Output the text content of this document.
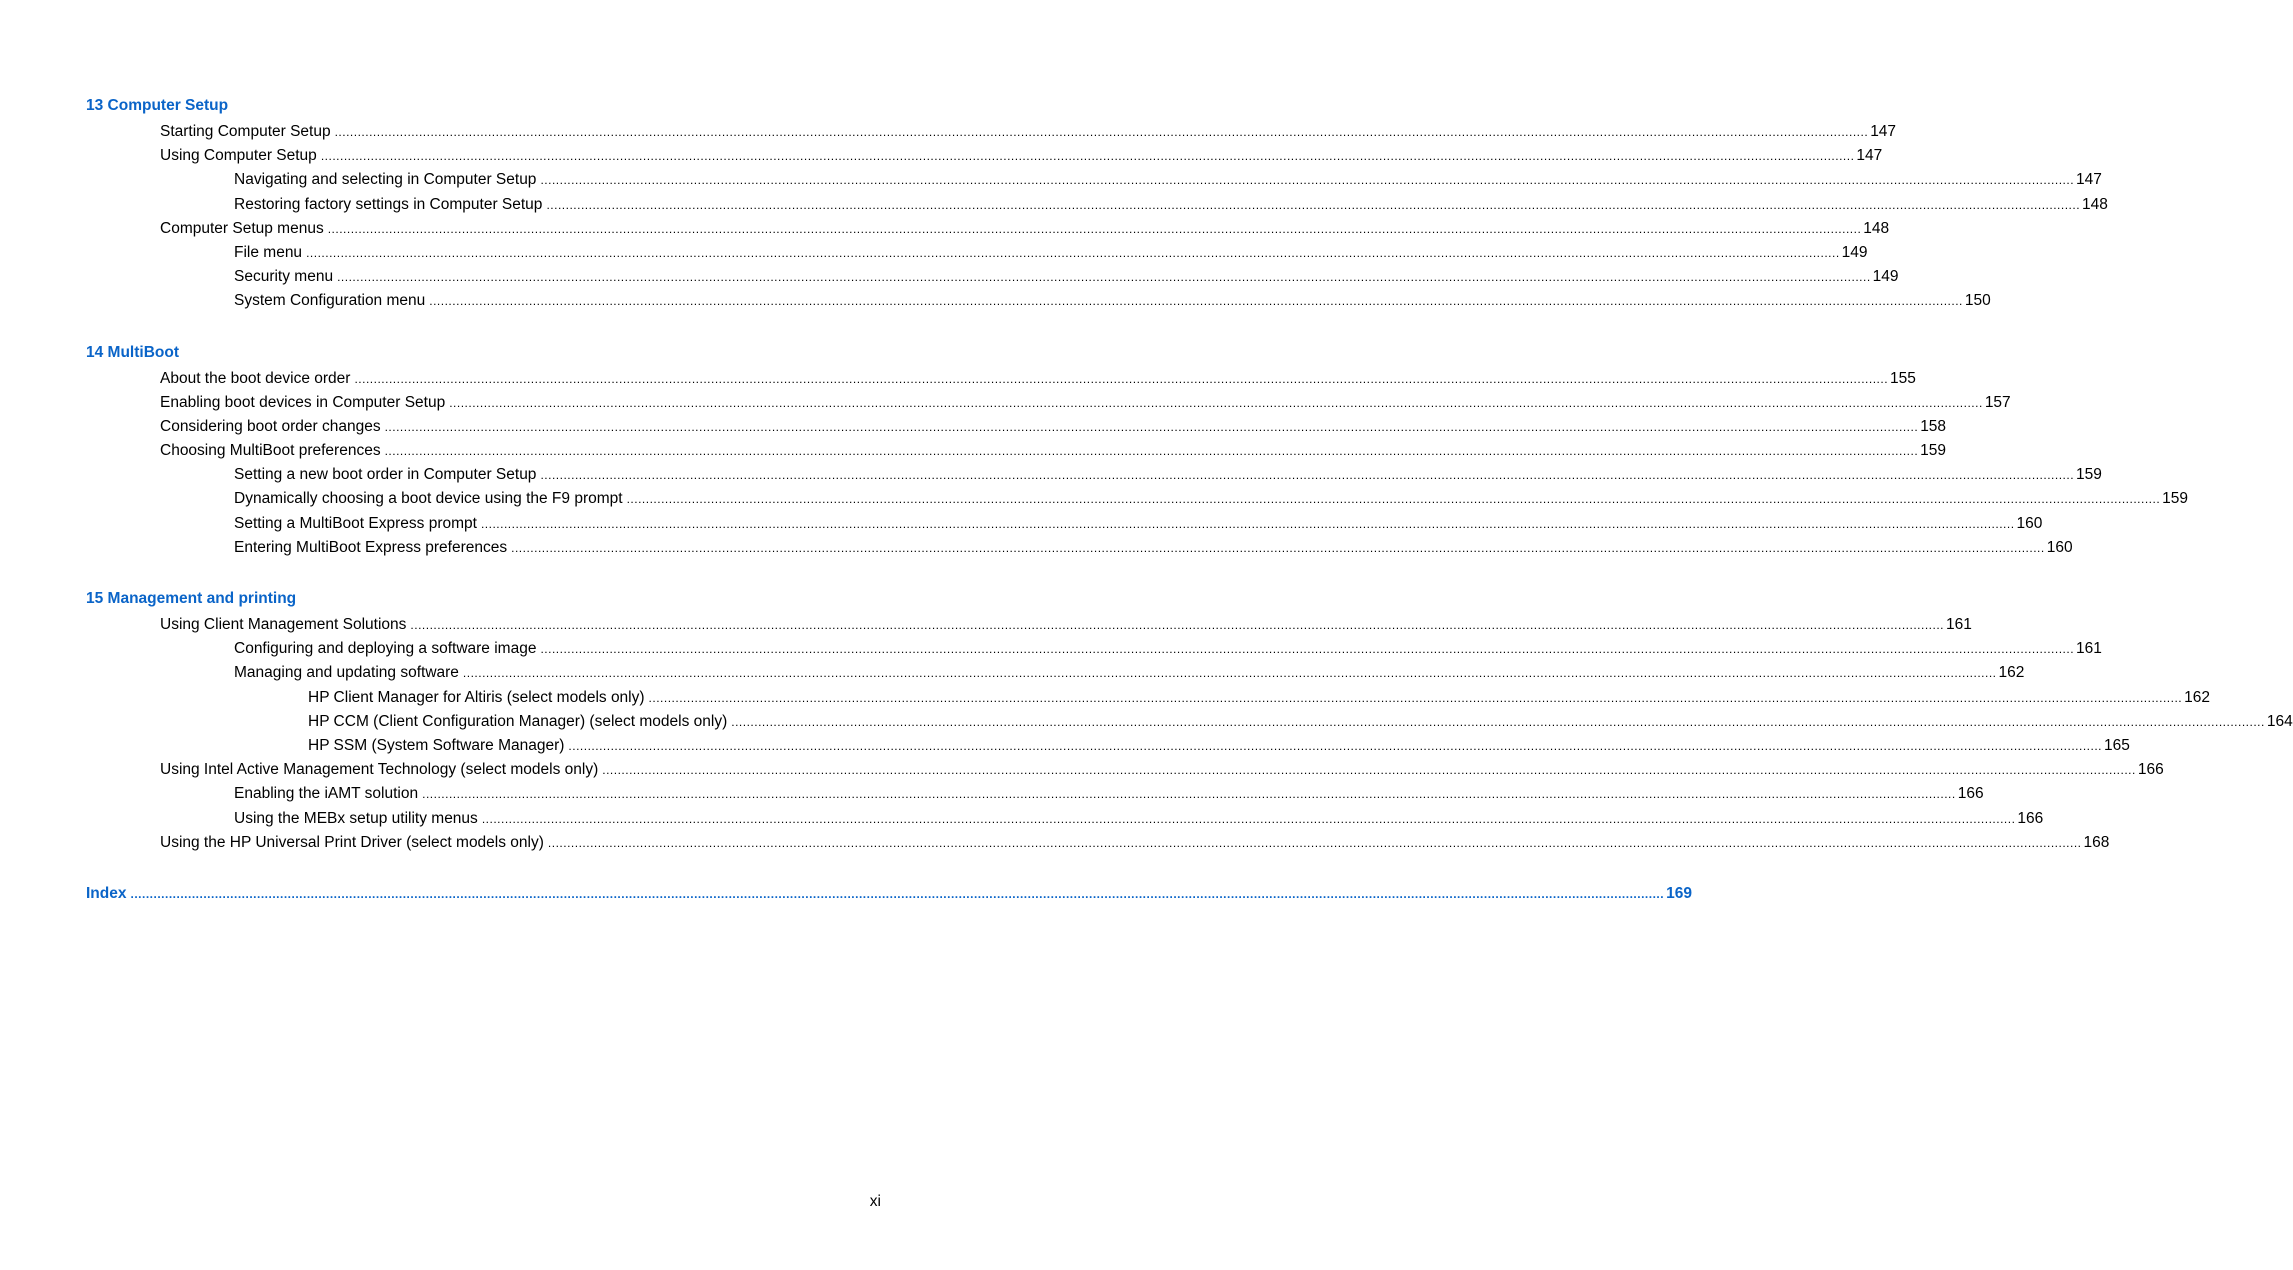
13 Computer Setup
Starting Computer Setup ................................................................................................................................................................................................................................................................................................................................................................................................................ 147
Using Computer Setup ................................................................................................................................................................................................................................................................................................................................................................................................................ 147
Navigating and selecting in Computer Setup ................................................................................................................................................................................................................................................................................................................................................................................................................ 147
Restoring factory settings in Computer Setup ................................................................................................................................................................................................................................................................................................................................................................................................................ 148
Computer Setup menus ................................................................................................................................................................................................................................................................................................................................................................................................................ 148
File menu ................................................................................................................................................................................................................................................................................................................................................................................................................ 149
Security menu ................................................................................................................................................................................................................................................................................................................................................................................................................ 149
System Configuration menu ................................................................................................................................................................................................................................................................................................................................................................................................................ 150
14 MultiBoot
About the boot device order ................................................................................................................................................................................................................................................................................................................................................................................................................ 155
Enabling boot devices in Computer Setup ................................................................................................................................................................................................................................................................................................................................................................................................................ 157
Considering boot order changes ................................................................................................................................................................................................................................................................................................................................................................................................................ 158
Choosing MultiBoot preferences ................................................................................................................................................................................................................................................................................................................................................................................................................ 159
Setting a new boot order in Computer Setup ................................................................................................................................................................................................................................................................................................................................................................................................................ 159
Dynamically choosing a boot device using the F9 prompt ................................................................................................................................................................................................................................................................................................................................................................................................................ 159
Setting a MultiBoot Express prompt ................................................................................................................................................................................................................................................................................................................................................................................................................ 160
Entering MultiBoot Express preferences ................................................................................................................................................................................................................................................................................................................................................................................................................ 160
15 Management and printing
Using Client Management Solutions ................................................................................................................................................................................................................................................................................................................................................................................................................ 161
Configuring and deploying a software image ................................................................................................................................................................................................................................................................................................................................................................................................................ 161
Managing and updating software ................................................................................................................................................................................................................................................................................................................................................................................................................ 162
HP Client Manager for Altiris (select models only) ................................................................................................................................................................................................................................................................................................................................................................................................................ 162
HP CCM (Client Configuration Manager) (select models only) ................................................................................................................................................................................................................................................................................................................................................................................................................ 164
HP SSM (System Software Manager) ................................................................................................................................................................................................................................................................................................................................................................................................................ 165
Using Intel Active Management Technology (select models only) ................................................................................................................................................................................................................................................................................................................................................................................................................ 166
Enabling the iAMT solution ................................................................................................................................................................................................................................................................................................................................................................................................................ 166
Using the MEBx setup utility menus ................................................................................................................................................................................................................................................................................................................................................................................................................ 166
Using the HP Universal Print Driver (select models only) ................................................................................................................................................................................................................................................................................................................................................................................................................ 168
Index ................................................................................................................................................................................................................................................................................................................................................................................................................ 169
xi
